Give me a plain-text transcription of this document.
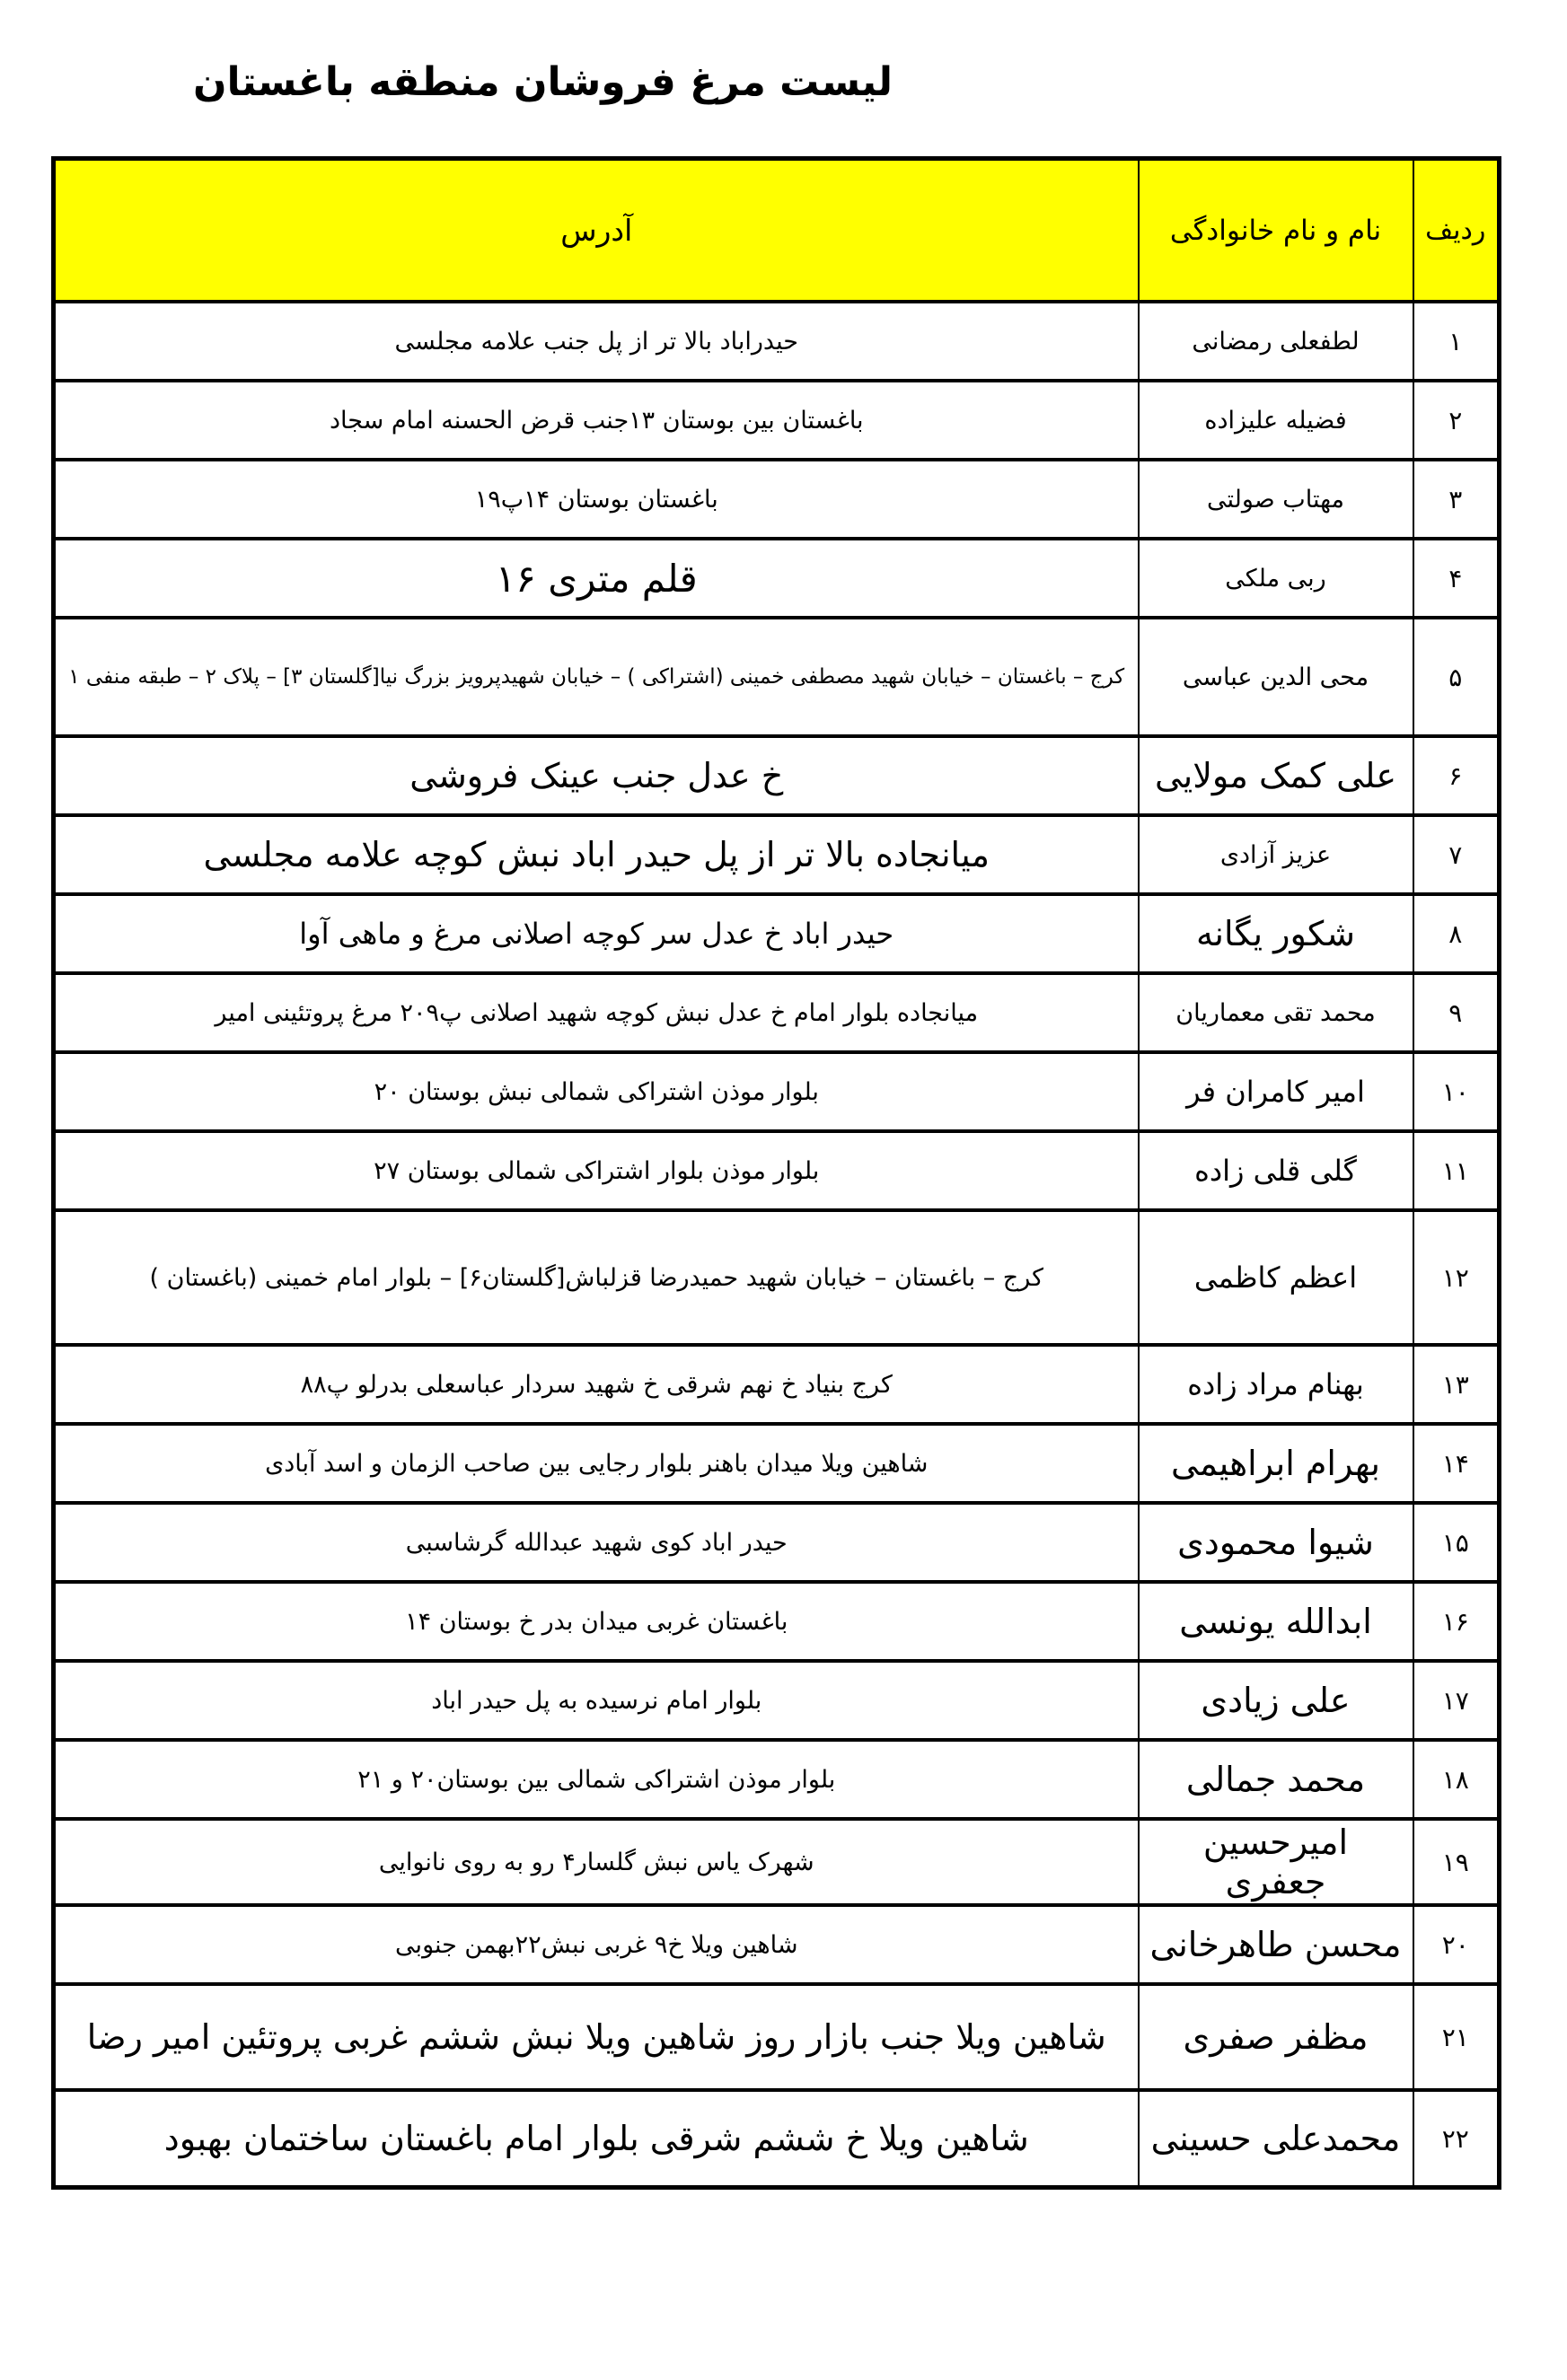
لیست مرغ فروشان منطقه باغستان
ردیف	نام و نام خانوادگی	آدرس
۱	لطفعلی رمضانی	حیدراباد بالا تر از پل جنب علامه مجلسی
۲	فضیله علیزاده	باغستان بین بوستان ۱۳جنب قرض الحسنه امام سجاد
۳	مهتاب صولتی	باغستان بوستان ۱۴پ۱۹
۴	ربی ملکی	قلم متری ۱۶
۵	محی الدین عباسی	کرج – باغستان – خیابان شهید مصطفی خمینی (اشتراکی ) – خیابان شهیدپرویز بزرگ نیا[گلستان ۳] – پلاک ۲ – طبقه منفی ۱
۶	علی کمک مولایی	خ عدل جنب عینک فروشی
۷	عزیز آزادی	میانجاده بالا تر از پل حیدر اباد نبش کوچه علامه مجلسی
۸	شکور یگانه	حیدر اباد خ عدل سر کوچه اصلانی مرغ و ماهی آوا
۹	محمد تقی معماریان	میانجاده بلوار امام خ عدل نبش کوچه شهید اصلانی پ۲۰۹ مرغ پروتئینی امیر
۱۰	امیر کامران فر	بلوار موذن اشتراکی شمالی نبش بوستان ۲۰
۱۱	گلی قلی زاده	بلوار موذن بلوار اشتراکی شمالی بوستان ۲۷
۱۲	اعظم کاظمی	کرج – باغستان – خیابان شهید حمیدرضا قزلباش[گلستان۶] – بلوار امام خمینی (باغستان )
۱۳	بهنام مراد زاده	کرج بنیاد خ نهم شرقی خ شهید سردار عباسعلی بدرلو پ۸۸
۱۴	بهرام ابراهیمی	شاهین ویلا میدان باهنر بلوار رجایی بین صاحب الزمان و اسد آبادی
۱۵	شیوا محمودی	حیدر اباد کوی شهید عبدالله گرشاسبی
۱۶	ابدالله یونسی	باغستان غربی میدان بدر خ بوستان ۱۴
۱۷	علی زیادی	بلوار امام نرسیده به پل حیدر اباد
۱۸	محمد جمالی	بلوار موذن اشتراکی شمالی بین بوستان۲۰ و ۲۱
۱۹	امیرحسین جعفری	شهرک یاس نبش گلسار۴ رو به روی نانوایی
۲۰	محسن طاهرخانی	شاهین ویلا خ۹ غربی نبش۲۲بهمن جنوبی
۲۱	مظفر صفری	شاهین ویلا جنب بازار روز شاهین ویلا نبش ششم غربی پروتئین امیر رضا
۲۲	محمدعلی حسینی	شاهین ویلا خ ششم شرقی بلوار امام باغستان ساختمان بهبود
